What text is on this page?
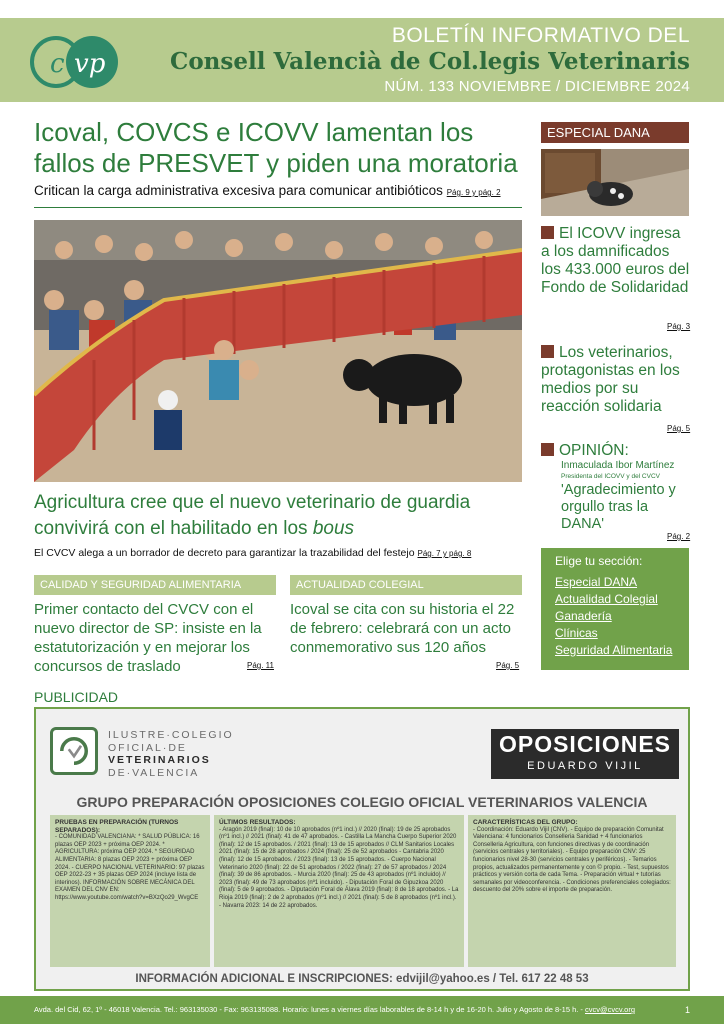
c vp
BOLETÍN INFORMATIVO DEL
Consell Valencià de Col.legis Veterinaris
NÚM. 133 NOVIEMBRE / DICIEMBRE 2024
Icoval, COVCS e ICOVV lamentan los fallos de PRESVET y piden una moratoria
Critican la carga administrativa excesiva para comunicar antibióticos Pág. 9 y pág. 2
Agricultura cree que el nuevo veterinario de guardia convivirá con el habilitado en los bous
El CVCV alega a un borrador de decreto para garantizar la trazabilidad del festejo Pág. 7 y pág. 8
CALIDAD Y SEGURIDAD ALIMENTARIA
Primer contacto del CVCV con el nuevo director de SP: insiste en la estatutorización y en mejorar los concursos de traslado	Pág. 11
ACTUALIDAD COLEGIAL
Icoval se cita con su historia el 22 de febrero: celebrará con un acto conmemorativo sus 120 años
Pág. 5
ESPECIAL DANA
El ICOVV ingresa a los damnificados los 433.000 euros del Fondo de Solidaridad
Pág. 3
Los veterinarios, protagonistas en los medios por su reacción solidaria
Pág. 5
OPINIÓN:
Inmaculada Ibor Martínez
Presidenta del ICOVV y del CVCV
'Agradecimiento y orgullo tras la DANA'
Pág. 2
Elige tu sección:
Especial DANA
Actualidad Colegial
Ganadería
Clínicas
Seguridad Alimentaria
PUBLICIDAD
ILUSTRE·COLEGIO
OFICIAL·DE
VETERINARIOS
DE·VALENCIA
OPOSICIONES
EDUARDO VIJIL
GRUPO PREPARACIÓN OPOSICIONES COLEGIO OFICIAL VETERINARIOS VALENCIA
PRUEBAS EN PREPARACIÓN (TURNOS SEPARADOS):
- COMUNIDAD VALENCIANA: * SALUD PÚBLICA: 16 plazas OEP 2023 + próxima OEP 2024. * AGRICULTURA: próxima OEP 2024. * SEGURIDAD ALIMENTARIA: 8 plazas OEP 2023 + próxima OEP 2024. - CUERPO NACIONAL VETERINARIO: 97 plazas OEP 2022-23 + 35 plazas OEP 2024 (incluye lista de interinos). INFORMACIÓN SOBRE MECÁNICA DEL EXAMEN DEL CNV EN: https://www.youtube.com/watch?v=BXzQo29_WvgCE
ÚLTIMOS RESULTADOS:
- Aragón 2019 (final): 10 de 10 aprobados (nº1 incl.) // 2020 (final): 19 de 25 aprobados (nº1 incl.) // 2021 (final): 41 de 47 aprobados. - Castilla La Mancha Cuerpo Superior 2020 (final): 12 de 15 aprobados. / 2021 (final): 13 de 15 aprobados // CLM Sanitarios Locales 2021 (final): 15 de 28 aprobados / 2024 (final): 25 de 52 aprobados - Cantabria 2020 (final): 12 de 15 aprobados. / 2023 (final): 13 de 15 aprobados. - Cuerpo Nacional Veterinario 2020 (final): 22 de 51 aprobados / 2022 (final): 27 de 57 aprobados / 2024 (final): 39 de 86 aprobados. - Murcia 2020 (final): 25 de 43 aprobados (nº1 incluido) // 2023 (final): 49 de 73 aprobados (nº1 incluido). - Diputación Foral de Gipuzkoa 2020 (final): 5 de 9 aprobados. - Diputación Foral de Álava 2019 (final): 8 de 18 aprobados. - La Rioja 2019 (final): 2 de 2 aprobados (nº1 incl.) // 2021 (final): 5 de 8 aprobados (nº1 incl.). - Navarra 2023: 14 de 22 aprobados.
CARACTERÍSTICAS DEL GRUPO:
- Coordinación: Eduardo Vijil (CNV). - Equipo de preparación Comunitat Valenciana: 4 funcionarios Conselleria Sanidad + 4 funcionarios Conselleria Agricultura, con funciones directivas y de coordinación (servicios centrales y territoriales). - Equipo preparación CNV: 25 funcionarios nivel 28-30 (servicios centrales y periféricos). - Temarios propios, actualizados permanentemente y con © propio. - Test, supuestos prácticos y versión corta de cada Tema. - Preparación virtual + tutorías semanales por videoconferencia. - Condiciones preferenciales colegiados: descuento del 20% sobre el importe de preparación.
INFORMACIÓN ADICIONAL E INSCRIPCIONES: edvijil@yahoo.es / Tel. 617 22 48 53
Avda. del Cid, 62, 1º - 46018 Valencia. Tel.: 963135030 - Fax: 963135088. Horario: lunes a viernes días laborables de 8-14 h y de 16-20 h. Julio y Agosto de 8-15 h. - cvcv@cvcv.org	1
